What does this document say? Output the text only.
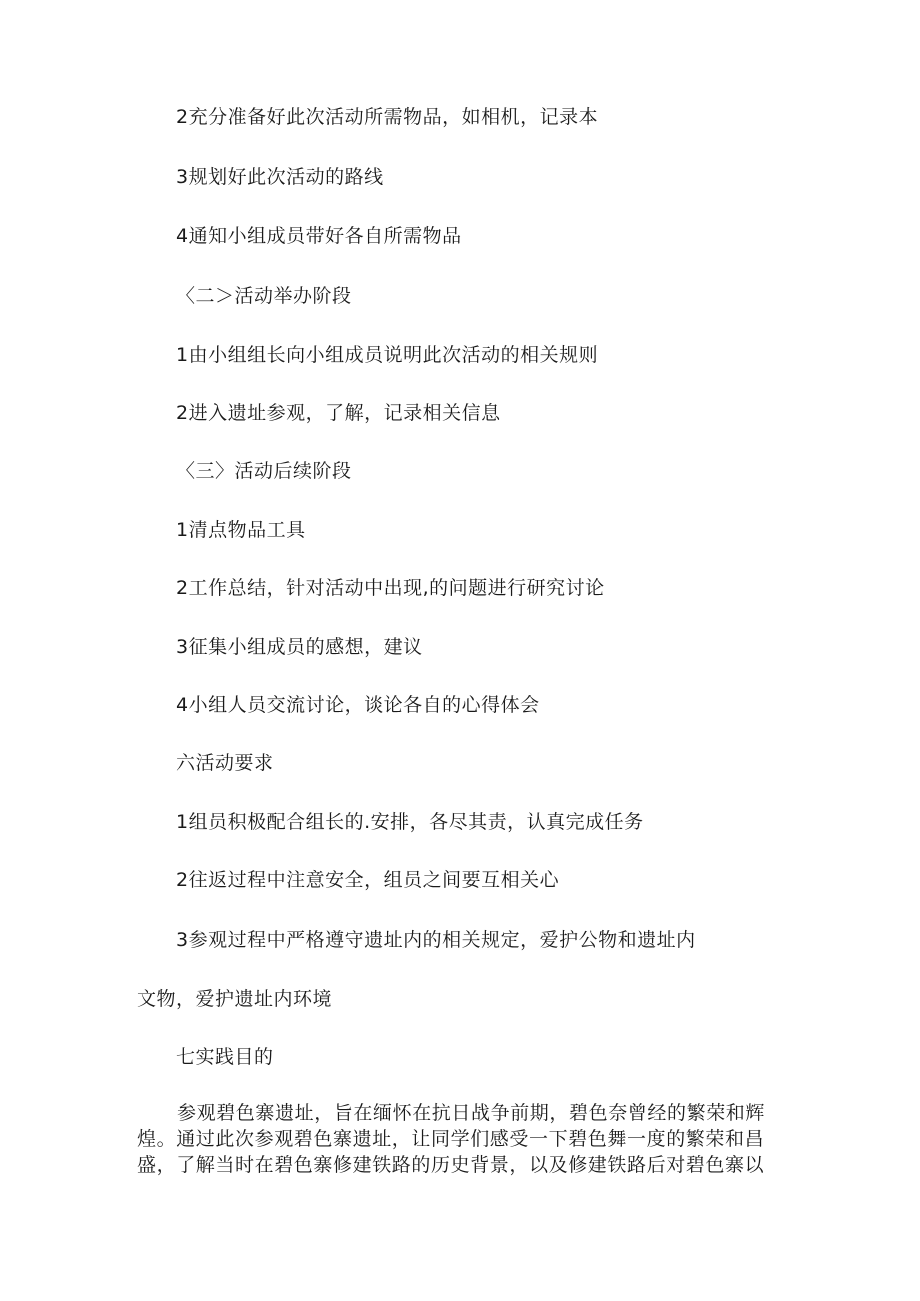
2充分准备好此次活动所需物品，如相机，记录本
3规划好此次活动的路线
4通知小组成员带好各自所需物品
〈二＞活动举办阶段
1由小组组长向小组成员说明此次活动的相关规则
2进入遗址参观，了解，记录相关信息
〈三〉活动后续阶段
1清点物品工具
2工作总结，针对活动中出现,的问题进行研究讨论
3征集小组成员的感想，建议
4小组人员交流讨论，谈论各自的心得体会
六活动要求
1组员积极配合组长的.安排，各尽其责，认真完成任务
2往返过程中注意安全，组员之间要互相关心
3参观过程中严格遵守遗址内的相关规定，爱护公物和遗址内
文物，爱护遗址内环境
七实践目的
参观碧色寨遗址，旨在缅怀在抗日战争前期，碧色奈曾经的繁荣和辉
煌。通过此次参观碧色寨遗址，让同学们感受一下碧色舞一度的繁荣和昌
盛，了解当时在碧色寨修建铁路的历史背景，以及修建铁路后对碧色寨以
